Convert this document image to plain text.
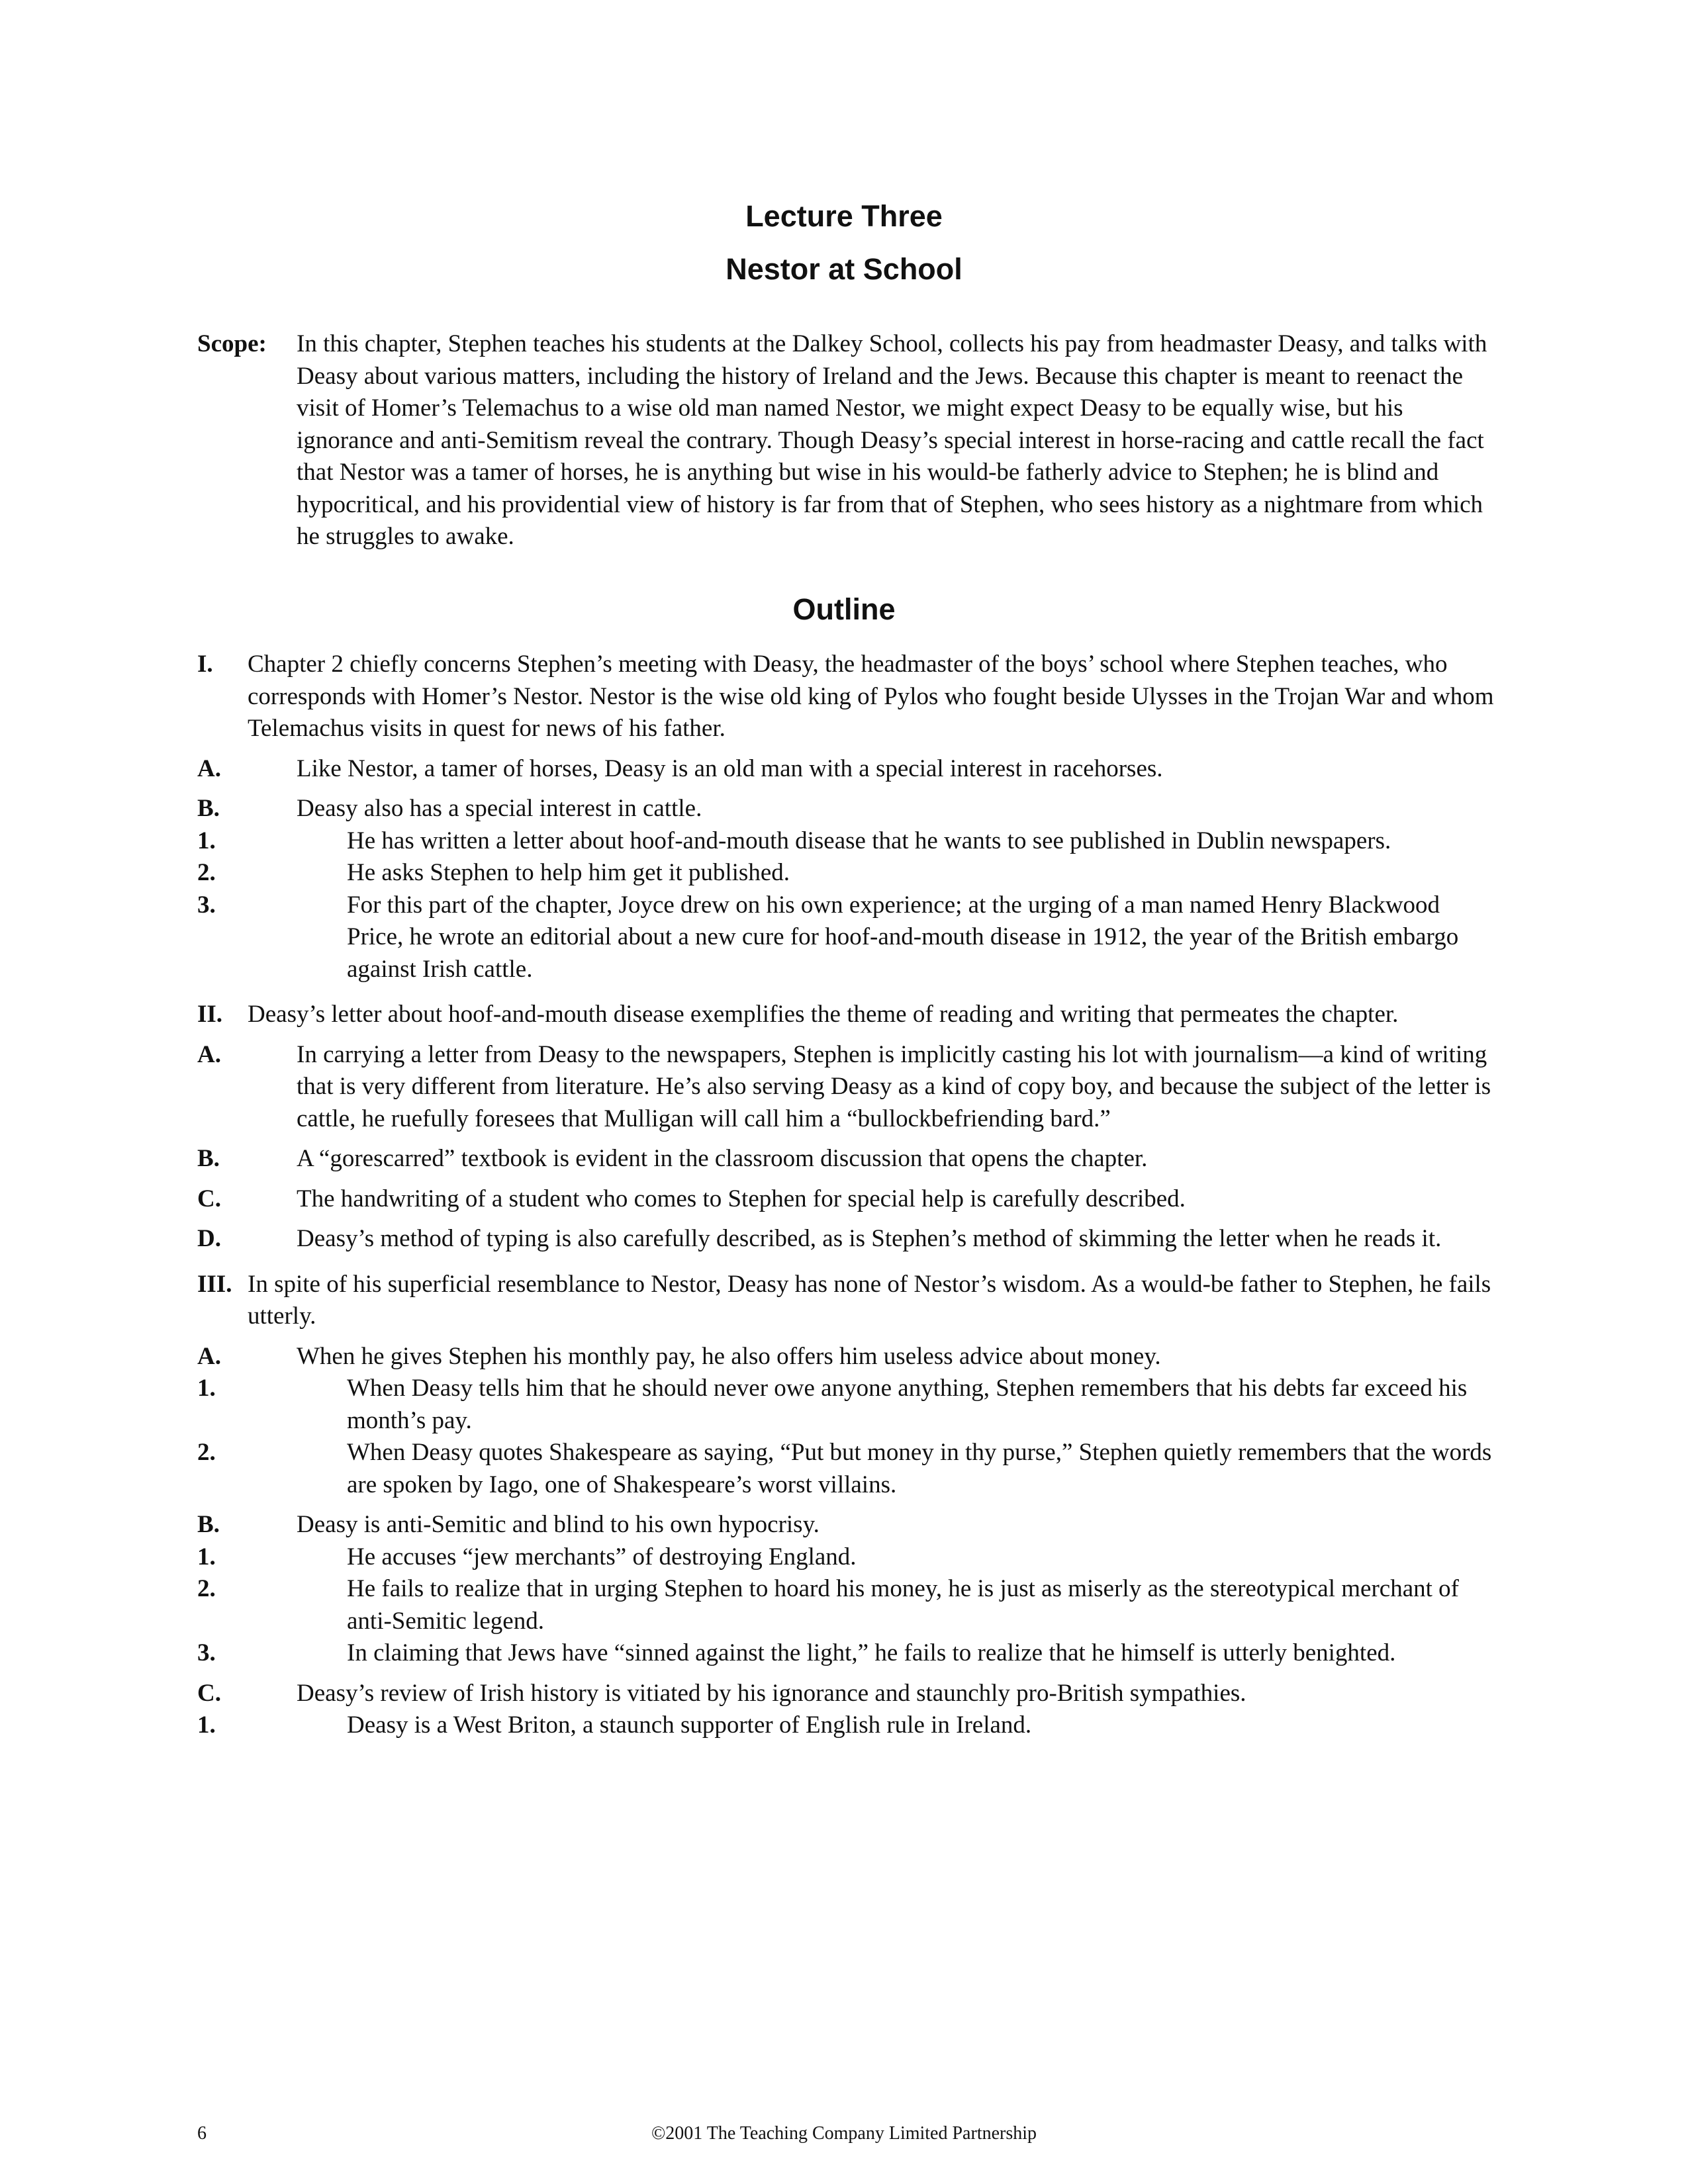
Lecture Three
Nestor at School
Scope: In this chapter, Stephen teaches his students at the Dalkey School, collects his pay from headmaster Deasy, and talks with Deasy about various matters, including the history of Ireland and the Jews. Because this chapter is meant to reenact the visit of Homer’s Telemachus to a wise old man named Nestor, we might expect Deasy to be equally wise, but his ignorance and anti-Semitism reveal the contrary. Though Deasy’s special interest in horse-racing and cattle recall the fact that Nestor was a tamer of horses, he is anything but wise in his would-be fatherly advice to Stephen; he is blind and hypocritical, and his providential view of history is far from that of Stephen, who sees history as a nightmare from which he struggles to awake.
Outline
I. Chapter 2 chiefly concerns Stephen’s meeting with Deasy, the headmaster of the boys’ school where Stephen teaches, who corresponds with Homer’s Nestor. Nestor is the wise old king of Pylos who fought beside Ulysses in the Trojan War and whom Telemachus visits in quest for news of his father.
A.	Like Nestor, a tamer of horses, Deasy is an old man with a special interest in racehorses.
B.	Deasy also has a special interest in cattle.
1.	He has written a letter about hoof-and-mouth disease that he wants to see published in Dublin newspapers.
2.	He asks Stephen to help him get it published.
3.	For this part of the chapter, Joyce drew on his own experience; at the urging of a man named Henry Blackwood Price, he wrote an editorial about a new cure for hoof-and-mouth disease in 1912, the year of the British embargo against Irish cattle.
II. Deasy’s letter about hoof-and-mouth disease exemplifies the theme of reading and writing that permeates the chapter.
A.	In carrying a letter from Deasy to the newspapers, Stephen is implicitly casting his lot with journalism—a kind of writing that is very different from literature. He’s also serving Deasy as a kind of copy boy, and because the subject of the letter is cattle, he ruefully foresees that Mulligan will call him a “bullockbefriending bard.”
B.	A “gorescarred” textbook is evident in the classroom discussion that opens the chapter.
C.	The handwriting of a student who comes to Stephen for special help is carefully described.
D.	Deasy’s method of typing is also carefully described, as is Stephen’s method of skimming the letter when he reads it.
III. In spite of his superficial resemblance to Nestor, Deasy has none of Nestor’s wisdom. As a would-be father to Stephen, he fails utterly.
A.	When he gives Stephen his monthly pay, he also offers him useless advice about money.
1.	When Deasy tells him that he should never owe anyone anything, Stephen remembers that his debts far exceed his month’s pay.
2.	When Deasy quotes Shakespeare as saying, “Put but money in thy purse,” Stephen quietly remembers that the words are spoken by Iago, one of Shakespeare’s worst villains.
B.	Deasy is anti-Semitic and blind to his own hypocrisy.
1.	He accuses “jew merchants” of destroying England.
2.	He fails to realize that in urging Stephen to hoard his money, he is just as miserly as the stereotypical merchant of anti-Semitic legend.
3.	In claiming that Jews have “sinned against the light,” he fails to realize that he himself is utterly benighted.
C.	Deasy’s review of Irish history is vitiated by his ignorance and staunchly pro-British sympathies.
1.	Deasy is a West Briton, a staunch supporter of English rule in Ireland.
6	©2001 The Teaching Company Limited Partnership
